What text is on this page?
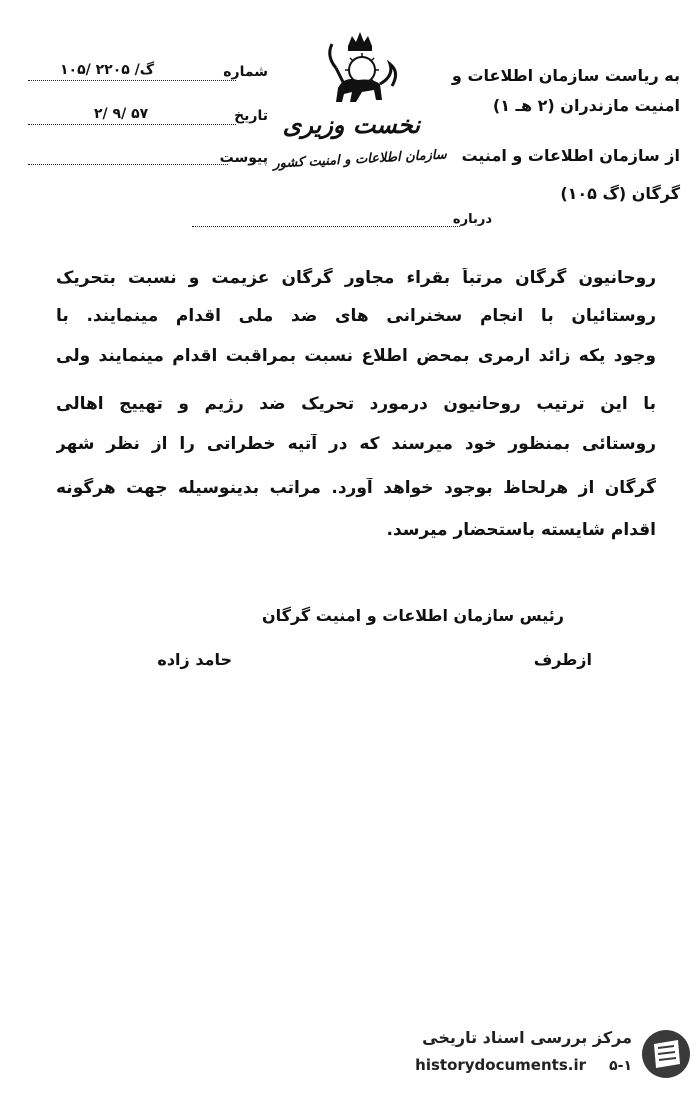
نخست وزیری
سازمان اطلاعات و امنیت کشور
شماره
۱۰۵/ گ/ ۲۲۰۵
تاریخ
۲/ ۹/ ۵۷
پیوست
به ریاست سازمان اطلاعات و
امنیت مازندران (۲ هـ ۱)
از سازمان اطلاعات و امنیت
گرگان (گ ۱۰۵)
درباره
روحانیون گرگان مرتباً بقراء مجاور گرگان عزیمت و نسبت بتحریک
روستائیان با انجام سخنرانی های ضد ملی اقدام مینمایند. با
وجود یکه زائد ارمری بمحض اطلاع نسبت بمراقبت اقدام مینمایند ولی
با این ترتیب روحانیون درمورد تحریک ضد رژیم و تهییج اهالی
روستائی بمنظور خود میرسند که در آتیه خطراتی را از نظر شهر
گرگان از هرلحاظ بوجود خواهد آورد. مراتب بدینوسیله جهت هرگونه
اقدام شایسته باستحضار میرسد.
رئیس سازمان اطلاعات و امنیت گرگان
ازطرف
حامد زاده
مرکز بررسی اسناد تاریخی
historydocuments.ir ۵-۱
